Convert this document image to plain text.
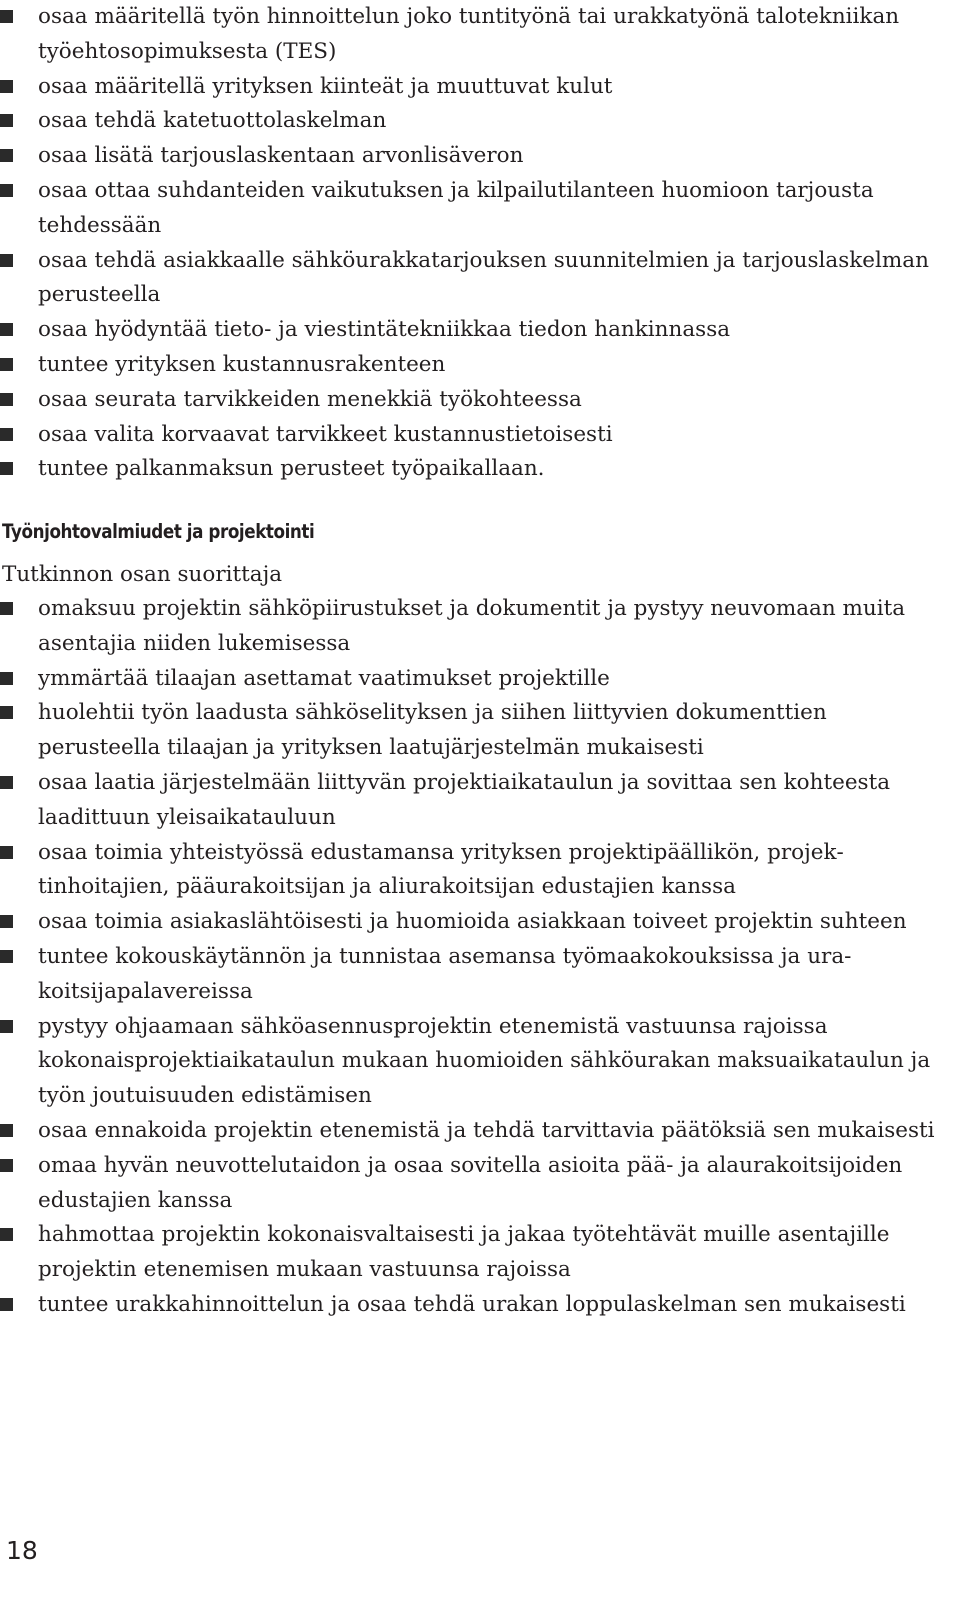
osaa määritellä työn hinnoittelun joko tuntityönä tai urakkatyönä talotekniikan työehtosopimuksesta (TES)
osaa määritellä yrityksen kiinteät ja muuttuvat kulut
osaa tehdä katetuottolaskelman
osaa lisätä tarjouslaskentaan arvonlisäveron
osaa ottaa suhdanteiden vaikutuksen ja kilpailutilanteen huomioon tarjousta tehdessään
osaa tehdä asiakkaalle sähköurakkatarjouksen suunnitelmien ja tarjouslaskelman perusteella
osaa hyödyntää tieto- ja viestintätekniikkaa tiedon hankinnassa
tuntee yrityksen kustannusrakenteen
osaa seurata tarvikkeiden menekkiä työkohteessa
osaa valita korvaavat tarvikkeet kustannustietoisesti
tuntee palkanmaksun perusteet työpaikallaan.
Työnjohtovalmiudet ja projektointi
Tutkinnon osan suorittaja
omaksuu projektin sähköpiirustukset ja dokumentit ja pystyy neuvomaan muita asentajia niiden lukemisessa
ymmärtää tilaajan asettamat vaatimukset projektille
huolehtii työn laadusta sähköselityksen ja siihen liittyvien dokumenttien perusteella tilaajan ja yrityksen laatujärjestelmän mukaisesti
osaa laatia järjestelmään liittyvän projektiaikataulun ja sovittaa sen kohteesta laadittuun yleisaikatauluun
osaa toimia yhteistyössä edustamansa yrityksen projektipäällikön, projektinhoitajien, pääurakoitsijan ja aliurakoitsijan edustajien kanssa
osaa toimia asiakaslähtöisesti ja huomioida asiakkaan toiveet projektin suhteen
tuntee kokouskäytännön ja tunnistaa asemansa työmaakokouksissa ja urakoitsijapalavereissa
pystyy ohjaamaan sähköasennusprojektin etenemistä vastuunsa rajoissa kokonaisprojektiaikataulun mukaan huomioiden sähköurakan maksuaikataulun ja työn joutuisuuden edistämisen
osaa ennakoida projektin etenemistä ja tehdä tarvittavia päätöksiä sen mukaisesti
omaa hyvän neuvottelutaidon ja osaa sovitella asioita pää- ja alaurakoitsijoiden edustajien kanssa
hahmottaa projektin kokonaisvaltaisesti ja jakaa työtehtävät muille asentajille projektin etenemisen mukaan vastuunsa rajoissa
tuntee urakkahinnoittelun ja osaa tehdä urakan loppulaskelman sen mukaisesti
18
